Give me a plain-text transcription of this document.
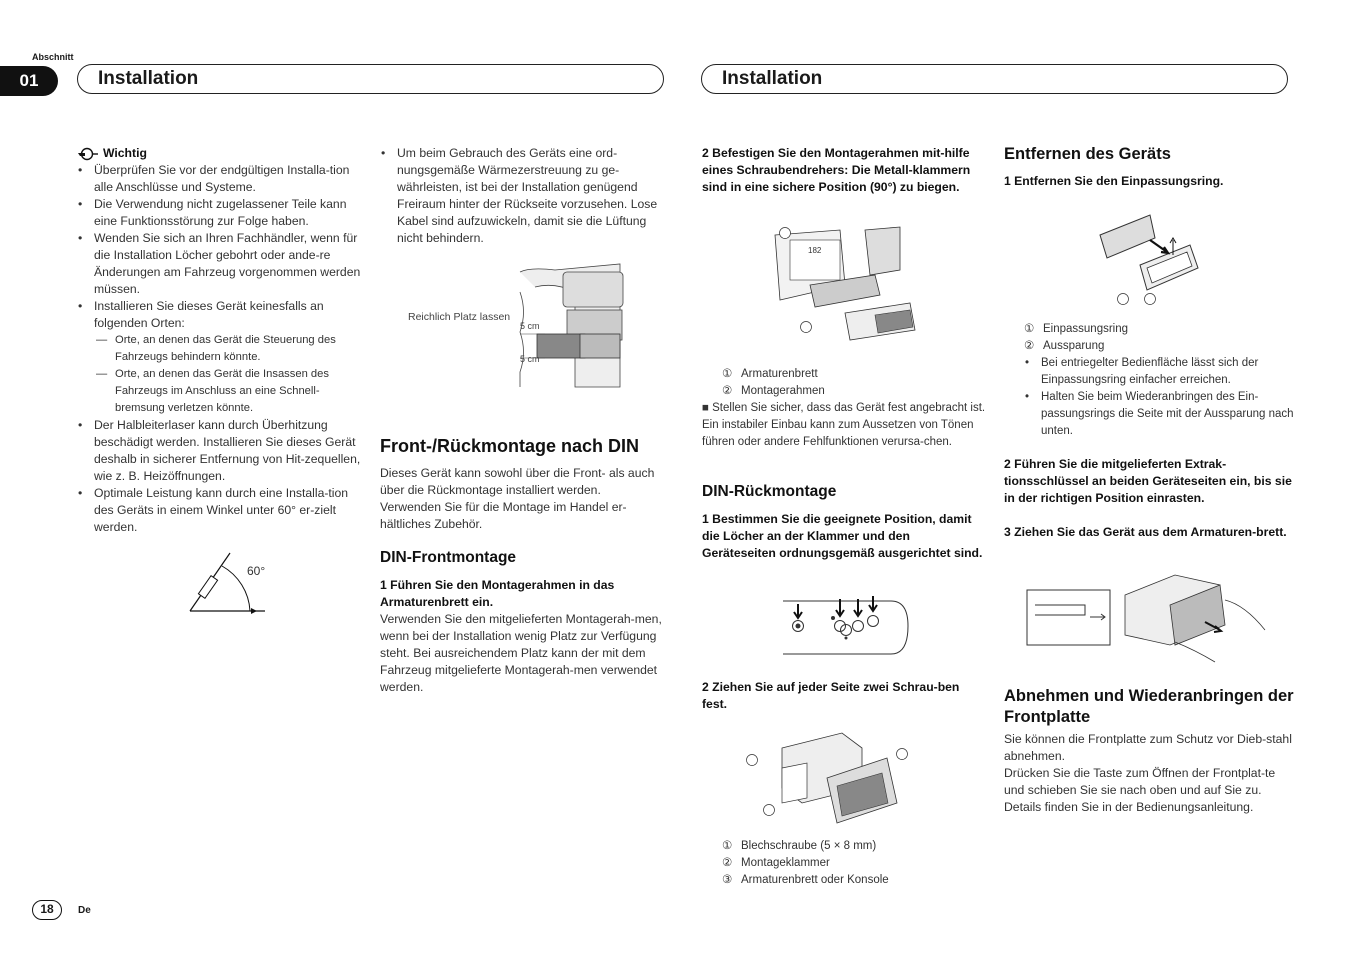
Abschnitt
01	Installation	Installation
Wichtig
• Überprüfen Sie vor der endgültigen Installa-tion alle Anschlüsse und Systeme.
• Die Verwendung nicht zugelassener Teile kann eine Funktionsstörung zur Folge haben.
• Wenden Sie sich an Ihren Fachhändler, wenn für die Installation Löcher gebohrt oder ande-re Änderungen am Fahrzeug vorgenommen werden müssen.
• Installieren Sie dieses Gerät keinesfalls an folgenden Orten:
— Orte, an denen das Gerät die Steuerung des Fahrzeugs behindern könnte.
— Orte, an denen das Gerät die Insassen des Fahrzeugs im Anschluss an eine Schnell-bremsung verletzen könnte.
• Der Halbleiterlaser kann durch Überhitzung beschädigt werden. Installieren Sie dieses Gerät deshalb in sicherer Entfernung von Hit-zequellen, wie z. B. Heizöffnungen.
• Optimale Leistung kann durch eine Installa-tion des Geräts in einem Winkel unter 60° er-zielt werden.
60°
• Um beim Gebrauch des Geräts eine ord-nungsgemäße Wärmezerstreuung zu ge-währleisten, ist bei der Installation genügend Freiraum hinter der Rückseite vorzusehen. Lose Kabel sind aufzuwickeln, damit sie die Lüftung nicht behindern.
Reichlich Platz lassen
5 cm
5 cm
Front-/Rückmontage nach DIN

Dieses Gerät kann sowohl über die Front- als auch über die Rückmontage installiert werden. Verwenden Sie für die Montage im Handel er-hältliches Zubehör.

DIN-Frontmontage

1 Führen Sie den Montagerahmen in das Armaturenbrett ein.

Verwenden Sie den mitgelieferten Montagerah-men, wenn bei der Installation wenig Platz zur Verfügung steht. Bei ausreichendem Platz kann der mit dem Fahrzeug mitgelieferte Montagerah-men verwendet werden.

2 Befestigen Sie den Montagerahmen mit-hilfe eines Schraubendrehers: Die Metall-klammern sind in eine sichere Position (90°) zu biegen.

182
① Armaturenbrett
② Montagerahmen
■ Stellen Sie sicher, dass das Gerät fest angebracht ist. Ein instabiler Einbau kann zum Aussetzen von Tönen führen oder andere Fehlfunktionen verursa-chen.
DIN-Rückmontage

1 Bestimmen Sie die geeignete Position, damit die Löcher an der Klammer und den Geräteseiten ordnungsgemäß ausgerichtet sind.

2 Ziehen Sie auf jeder Seite zwei Schrau-ben fest.

① Blechschraube (5 × 8 mm)
② Montageklammer
③ Armaturenbrett oder Konsole
Entfernen des Geräts

1 Entfernen Sie den Einpassungsring.

① Einpassungsring
② Aussparung
• Bei entriegelter Bedienfläche lässt sich der Einpassungsring einfacher erreichen.
• Halten Sie beim Wiederanbringen des Ein-passungsrings die Seite mit der Aussparung nach unten.

2 Führen Sie die mitgelieferten Extrak-tionsschlüssel an beiden Geräteseiten ein, bis sie in der richtigen Position einrasten.

3 Ziehen Sie das Gerät aus dem Armaturen-brett.

Abnehmen und Wiederanbringen der Frontplatte

Sie können die Frontplatte zum Schutz vor Dieb-stahl abnehmen.

Drücken Sie die Taste zum Öffnen der Frontplat-te und schieben Sie sie nach oben und auf Sie zu.

Details finden Sie in der Bedienungsanleitung.

18	De
